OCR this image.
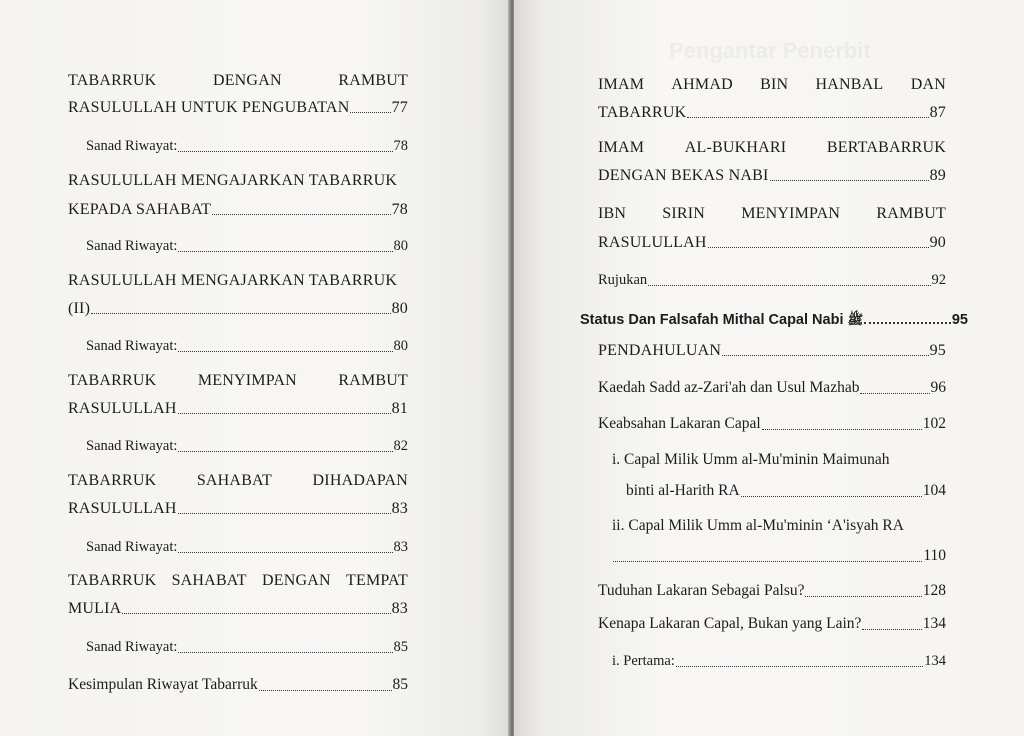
TABARRUK	DENGAN	RAMBUT
RASULULLAH UNTUK PENGUBATAN	77
Sanad Riwayat:	78
RASULULLAH MENGAJARKAN TABARRUK
KEPADA SAHABAT	78
Sanad Riwayat:	80
RASULULLAH MENGAJARKAN TABARRUK
(II)	80
Sanad Riwayat:	80
TABARRUK	MENYIMPAN	RAMBUT
RASULULLAH	81
Sanad Riwayat:	82
TABARRUK	SAHABAT	DIHADAPAN
RASULULLAH	83
Sanad Riwayat:	83
TABARRUK SAHABAT DENGAN TEMPAT
MULIA	83
Sanad Riwayat:	85
Kesimpulan Riwayat Tabarruk	85
Pengantar Penerbit
IMAM AHMAD BIN HANBAL DAN
TABARRUK	87
IMAM	AL-BUKHARI	BERTABARRUK
DENGAN BEKAS NABI	89
IBN SIRIN MENYIMPAN RAMBUT
RASULULLAH	90
Rujukan	92
Status Dan Falsafah Mithal Capal Nabi ﷺ	95
PENDAHULUAN	95
Kaedah Sadd az-Zari'ah dan Usul Mazhab	96
Keabsahan Lakaran Capal	102
i. Capal Milik Umm al-Mu'minin Maimunah
binti al-Harith RA	104
ii. Capal Milik Umm al-Mu'minin ‘A'isyah RA
110
Tuduhan Lakaran Sebagai Palsu?	128
Kenapa Lakaran Capal, Bukan yang Lain?	134
i. Pertama:	134
